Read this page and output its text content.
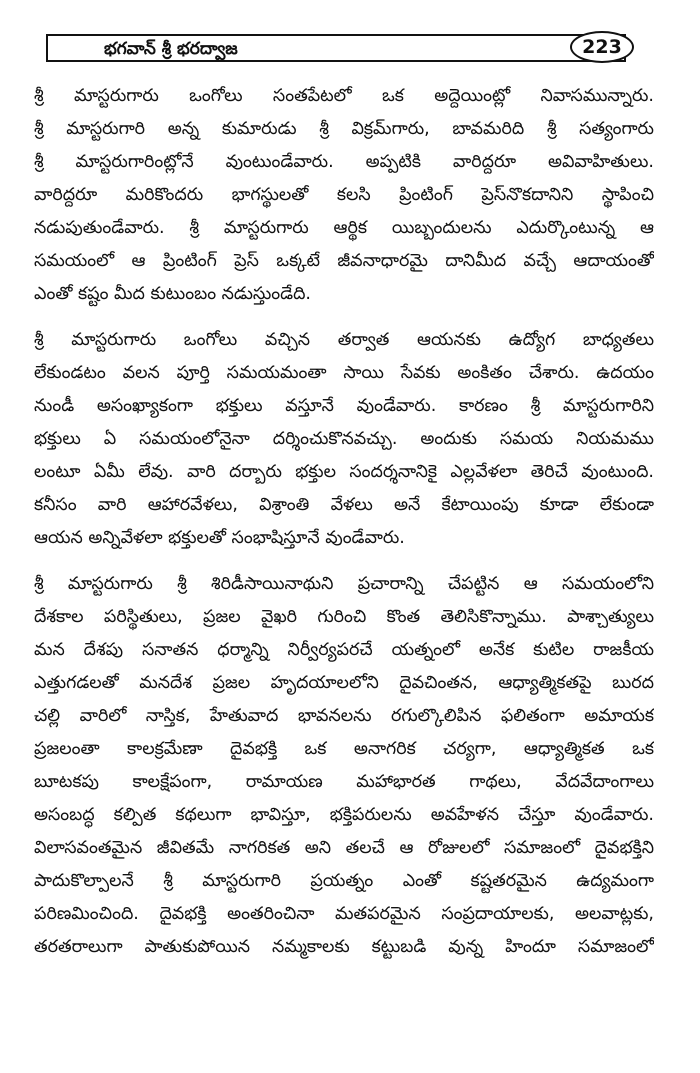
భగవాన్ శ్రీ భరద్వాజ	223
శ్రీ మాస్టరుగారు ఒంగోలు సంతపేటలో ఒక అద్దెయింట్లో నివాసమున్నారు.
శ్రీ మాస్టరుగారి అన్న కుమారుడు శ్రీ విక్రమ్‌గారు, బావమరిది శ్రీ సత్యంగారు
శ్రీ మాస్టరుగారింట్లోనే వుంటుండేవారు. అప్పటికి వారిద్దరూ అవివాహితులు.
వారిద్దరూ మరికొందరు భాగస్థులతో కలసి ప్రింటింగ్ ప్రెస్‌నొకదానిని స్థాపించి
నడుపుతుండేవారు. శ్రీ మాస్టరుగారు ఆర్థిక యిబ్బందులను ఎదుర్కొంటున్న ఆ
సమయంలో ఆ ప్రింటింగ్ ప్రెస్ ఒక్కటే జీవనాధారమై దానిమీద వచ్చే ఆదాయంతో
ఎంతో కష్టం మీద కుటుంబం నడుస్తుండేది.
శ్రీ మాస్టరుగారు ఒంగోలు వచ్చిన తర్వాత ఆయనకు ఉద్యోగ బాధ్యతలు
లేకుండటం వలన పూర్తి సమయమంతా సాయి సేవకు అంకితం చేశారు. ఉదయం
నుండీ అసంఖ్యాకంగా భక్తులు వస్తూనే వుండేవారు. కారణం శ్రీ మాస్టరుగారిని
భక్తులు ఏ సమయంలోనైనా దర్శించుకొనవచ్చు. అందుకు సమయ నియమము
లంటూ ఏమీ లేవు. వారి దర్బారు భక్తుల సందర్శనానికై ఎల్లవేళలా తెరిచే వుంటుంది.
కనీసం వారి ఆహారవేళలు, విశ్రాంతి వేళలు అనే కేటాయింపు కూడా లేకుండా
ఆయన అన్నివేళలా భక్తులతో సంభాషిస్తూనే వుండేవారు.
శ్రీ మాస్టరుగారు శ్రీ శిరిడీసాయినాథుని ప్రచారాన్ని చేపట్టిన ఆ సమయంలోని
దేశకాల పరిస్థితులు, ప్రజల వైఖరి గురించి కొంత తెలిసికొన్నాము. పాశ్చాత్యులు
మన దేశపు సనాతన ధర్మాన్ని నిర్వీర్యపరచే యత్నంలో అనేక కుటిల రాజకీయ
ఎత్తుగడలతో మనదేశ ప్రజల హృదయాలలోని దైవచింతన, ఆధ్యాత్మికతపై బురద
చల్లి వారిలో నాస్తిక, హేతువాద భావనలను రగుల్కొలిపిన ఫలితంగా అమాయక
ప్రజలంతా కాలక్రమేణా దైవభక్తి ఒక అనాగరిక చర్యగా, ఆధ్యాత్మికత ఒక
బూటకపు కాలక్షేపంగా, రామాయణ మహాభారత గాథలు, వేదవేదాంగాలు
అసంబద్ధ కల్పిత కథలుగా భావిస్తూ, భక్తిపరులను అవహేళన చేస్తూ వుండేవారు.
విలాసవంతమైన జీవితమే నాగరికత అని తలచే ఆ రోజులలో సమాజంలో దైవభక్తిని
పాదుకొల్పాలనే శ్రీ మాస్టరుగారి ప్రయత్నం ఎంతో కష్టతరమైన ఉద్యమంగా
పరిణమించింది. దైవభక్తి అంతరించినా మతపరమైన సంప్రదాయాలకు, అలవాట్లకు,
తరతరాలుగా పాతుకుపోయిన నమ్మకాలకు కట్టుబడి వున్న హిందూ సమాజంలో
